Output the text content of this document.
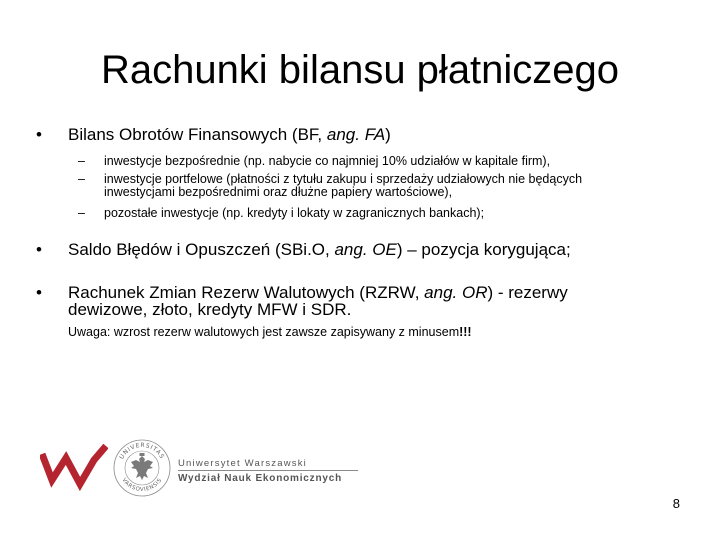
Rachunki bilansu płatniczego
• Bilans Obrotów Finansowych (BF, ang. FA)
– inwestycje bezpośrednie (np. nabycie co najmniej 10% udziałów w kapitale firm),
– inwestycje portfelowe (płatności z tytułu zakupu i sprzedaży udziałowych nie będących inwestycjami bezpośrednimi oraz dłużne papiery wartościowe),
– pozostałe inwestycje (np. kredyty i lokaty w zagranicznych bankach);
• Saldo Błędów i Opuszczeń (SBi.O, ang. OE) – pozycja korygująca;
• Rachunek Zmian Rezerw Walutowych (RZRW, ang. OR) - rezerwy dewizowe, złoto, kredyty MFW i SDR.
Uwaga: wzrost rezerw walutowych jest zawsze zapisywany z minusem!!!
UNIVERSITAS
VARSOVIENSIS
Uniwersytet Warszawski
Wydział Nauk Ekonomicznych
8
